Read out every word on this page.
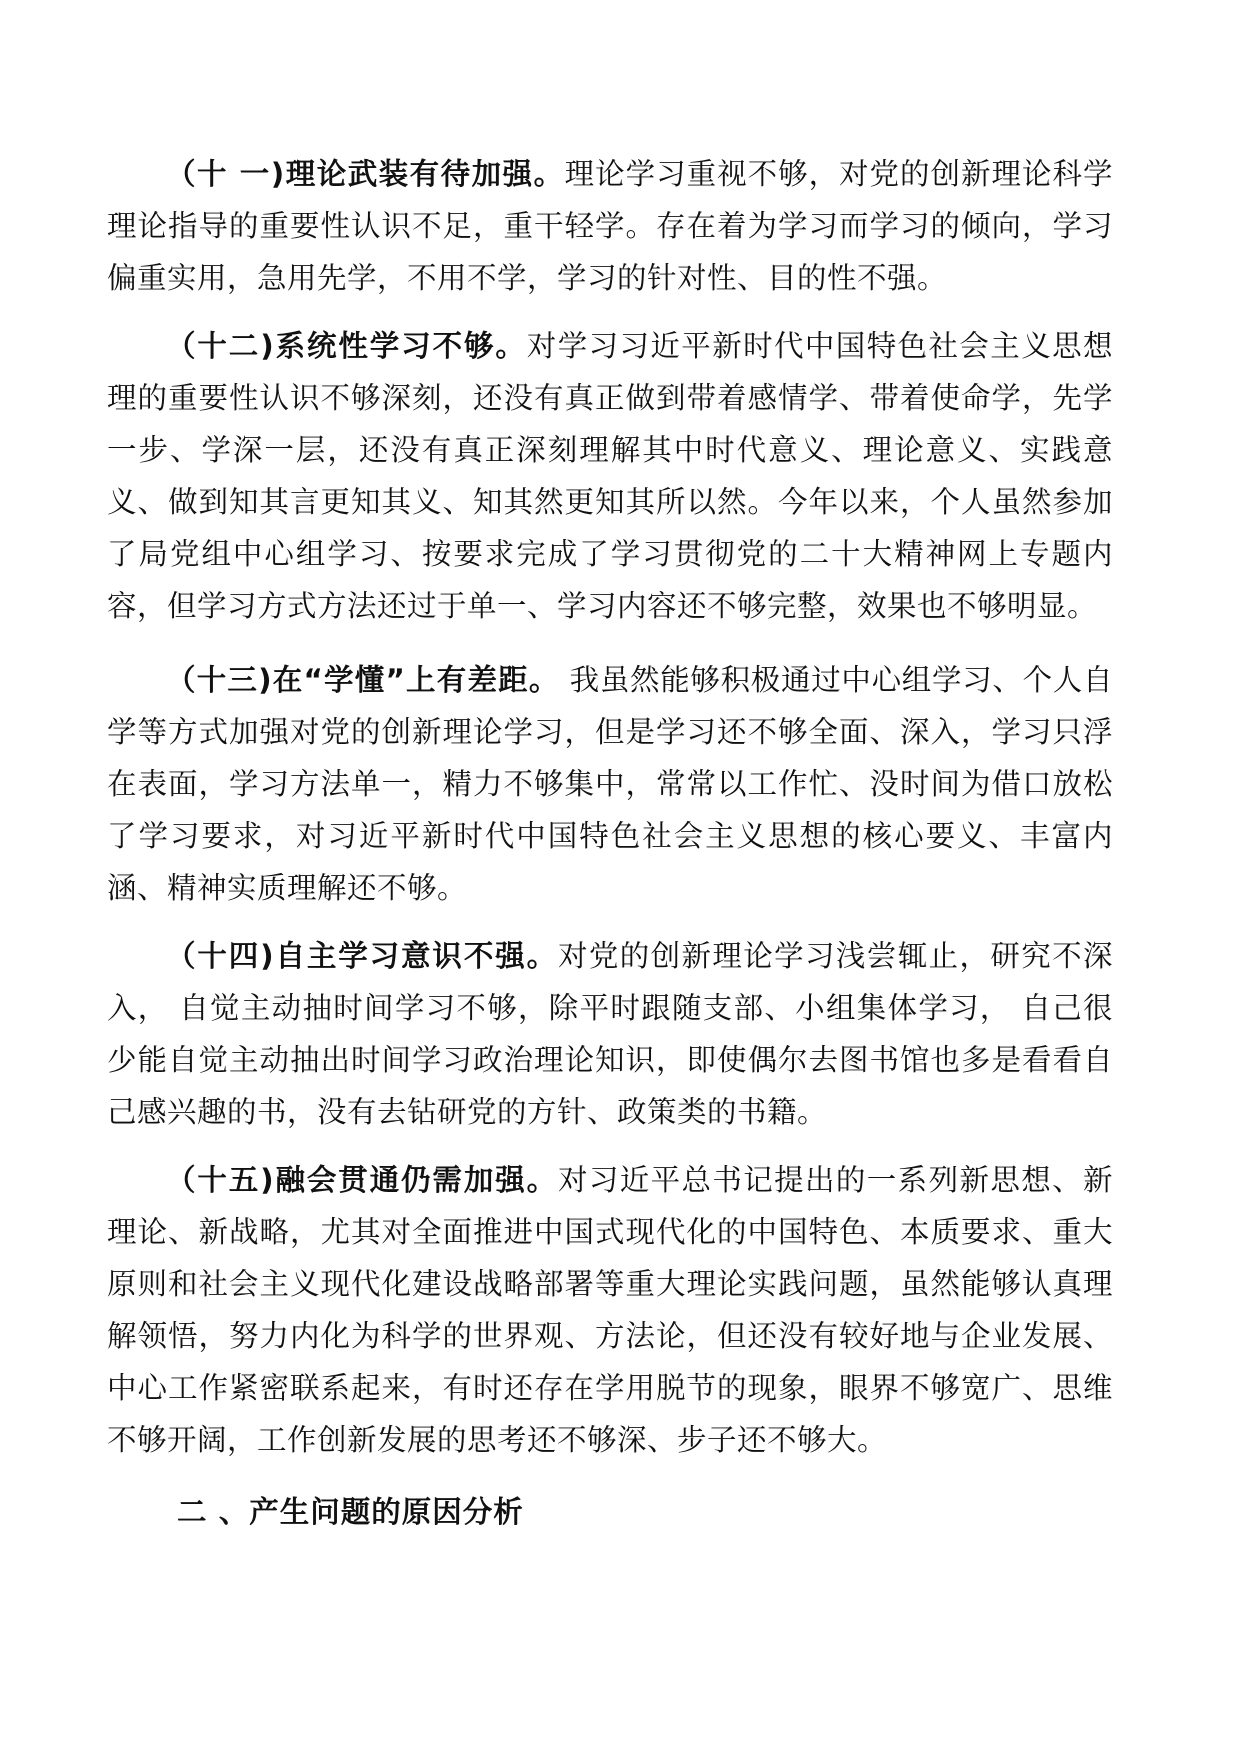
（十 一)理论武装有待加强。理论学习重视不够，对党的创新理论科学理论指导的重要性认识不足，重干轻学。存在着为学习而学习的倾向，学习偏重实用，急用先学，不用不学，学习的针对性、目的性不强。

（十二)系统性学习不够。对学习习近平新时代中国特色社会主义思想理的重要性认识不够深刻，还没有真正做到带着感情学、带着使命学，先学一步、学深一层，还没有真正深刻理解其中时代意义、理论意义、实践意义、做到知其言更知其义、知其然更知其所以然。今年以来，个人虽然参加了局党组中心组学习、按要求完成了学习贯彻党的二十大精神网上专题内容，但学习方式方法还过于单一、学习内容还不够完整，效果也不够明显。

（十三)在“学懂”上有差距。 我虽然能够积极通过中心组学习、个人自学等方式加强对党的创新理论学习，但是学习还不够全面、深入，学习只浮在表面，学习方法单一，精力不够集中，常常以工作忙、没时间为借口放松了学习要求，对习近平新时代中国特色社会主义思想的核心要义、丰富内涵、精神实质理解还不够。

（十四)自主学习意识不强。对党的创新理论学习浅尝辄止，研究不深入， 自觉主动抽时间学习不够，除平时跟随支部、小组集体学习， 自己很少能自觉主动抽出时间学习政治理论知识，即使偶尔去图书馆也多是看看自己感兴趣的书，没有去钻研党的方针、政策类的书籍。

（十五)融会贯通仍需加强。对习近平总书记提出的一系列新思想、新理论、新战略，尤其对全面推进中国式现代化的中国特色、本质要求、重大原则和社会主义现代化建设战略部署等重大理论实践问题，虽然能够认真理解领悟，努力内化为科学的世界观、方法论，但还没有较好地与企业发展、中心工作紧密联系起来，有时还存在学用脱节的现象，眼界不够宽广、思维不够开阔，工作创新发展的思考还不够深、步子还不够大。

二 、产生问题的原因分析
